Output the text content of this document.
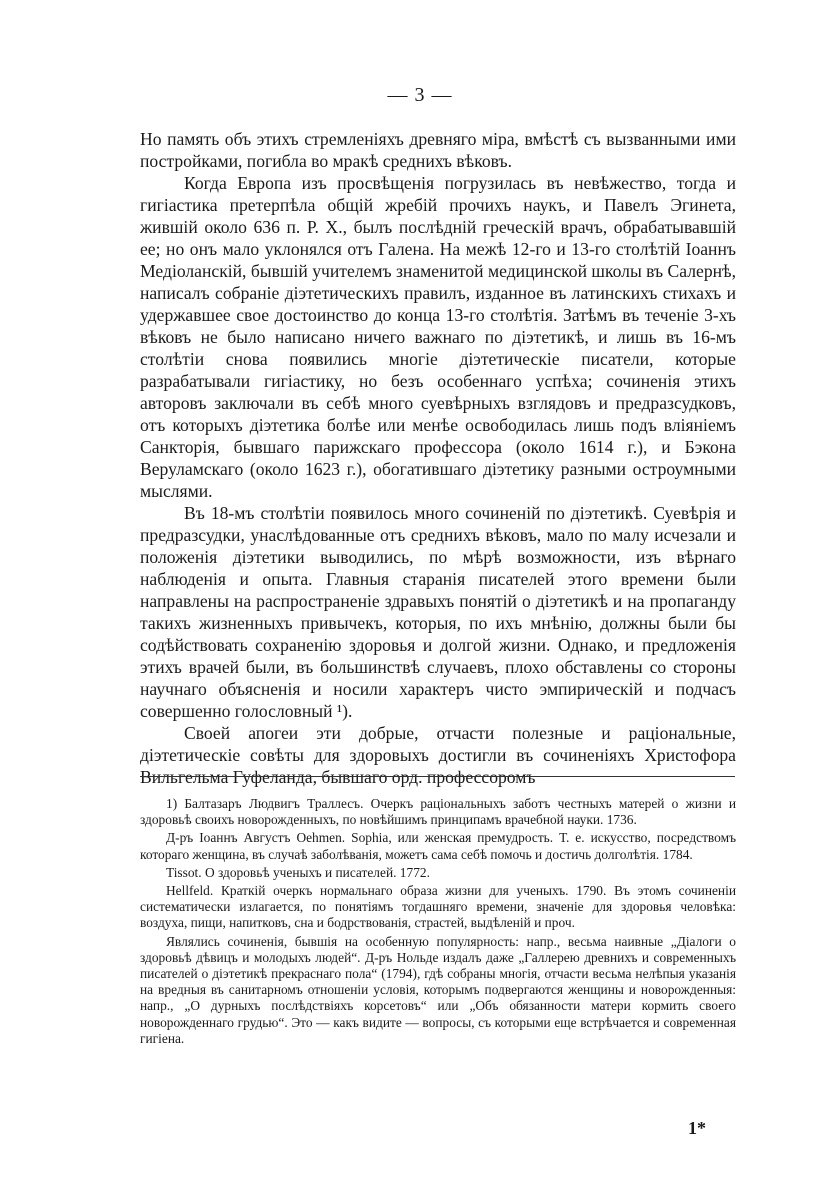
— 3 —

Но память объ этихъ стремленіяхъ древняго міра, вмѣстѣ съ вызванными ими постройками, погибла во мракѣ среднихъ вѣковъ.

Когда Европа изъ просвѣщенія погрузилась въ невѣжество, тогда и гигіастика претерпѣла общій жребій прочихъ наукъ, и Павелъ Эгинета, жившій около 636 п. Р. Х., былъ послѣдній греческій врачъ, обрабатывавшій ее; но онъ мало уклонялся отъ Галена. На межѣ 12-го и 13-го столѣтій Іоаннъ Медіоланскій, бывшій учителемъ знаменитой медицинской школы въ Салернѣ, написалъ собраніе діэтетическихъ правилъ, изданное въ латинскихъ стихахъ и удержавшее свое достоинство до конца 13-го столѣтія. Затѣмъ въ теченіе 3-хъ вѣковъ не было написано ничего важнаго по діэтетикѣ, и лишь въ 16-мъ столѣтіи снова появились многіе діэтетическіе писатели, которые разрабатывали гигіастику, но безъ особеннаго успѣха; сочиненія этихъ авторовъ заключали въ себѣ много суевѣрныхъ взглядовъ и предразсудковъ, отъ которыхъ діэтетика болѣе или менѣе освободилась лишь подъ вліяніемъ Санкторія, бывшаго парижскаго профессора (около 1614 г.), и Бэкона Веруламскаго (около 1623 г.), обогатившаго діэтетику разными остроумными мыслями.

Въ 18-мъ столѣтіи появилось много сочиненій по діэтетикѣ. Суевѣрія и предразсудки, унаслѣдованные отъ среднихъ вѣковъ, мало по малу исчезали и положенія діэтетики выводились, по мѣрѣ возможности, изъ вѣрнаго наблюденія и опыта. Главныя старанія писателей этого времени были направлены на распространеніе здравыхъ понятій о діэтетикѣ и на пропаганду такихъ жизненныхъ привычекъ, которыя, по ихъ мнѣнію, должны были бы содѣйствовать сохраненію здоровья и долгой жизни. Однако, и предложенія этихъ врачей были, въ большинствѣ случаевъ, плохо обставлены со стороны научнаго объясненія и носили характеръ чисто эмпирическій и подчасъ совершенно голословный ¹).

Своей апогеи эти добрые, отчасти полезные и раціональные, діэтетическіе совѣты для здоровыхъ достигли въ сочиненіяхъ Христофора Вильгельма Гуфеланда, бывшаго орд. профессоромъ

1) Балтазаръ Людвигъ Траллесъ. Очеркъ раціональныхъ заботъ честныхъ матерей о жизни и здоровьѣ своихъ новорожденныхъ, по новѣйшимъ принципамъ врачебной науки. 1736.

Д-ръ Іоаннъ Августъ Oehmen. Sophia, или женская премудрость. Т. е. искусство, посредствомъ котораго женщина, въ случаѣ заболѣванія, можетъ сама себѣ помочь и достичь долголѣтія. 1784.

Tissot. О здоровьѣ ученыхъ и писателей. 1772.

Hellfeld. Краткій очеркъ нормальнаго образа жизни для ученыхъ. 1790. Въ этомъ сочиненіи систематически излагается, по понятіямъ тогдашняго времени, значеніе для здоровья человѣка: воздуха, пищи, напитковъ, сна и бодрствованія, страстей, выдѣленій и проч.

Являлись сочиненія, бывшія на особенную популярность: напр., весьма наивные „Діалоги о здоровьѣ дѣвицъ и молодыхъ людей“. Д-ръ Нольде издалъ даже „Галлерею древнихъ и современныхъ писателей о діэтетикѣ прекраснаго пола“ (1794), гдѣ собраны многія, отчасти весьма нелѣпыя указанія на вредныя въ санитарномъ отношеніи условія, которымъ подвергаются женщины и новорожденныя: напр., „О дурныхъ послѣдствіяхъ корсетовъ“ или „Объ обязанности матери кормить своего новорожденнаго грудью“. Это — какъ видите — вопросы, съ которыми еще встрѣчается и современная гигіена.

1*
